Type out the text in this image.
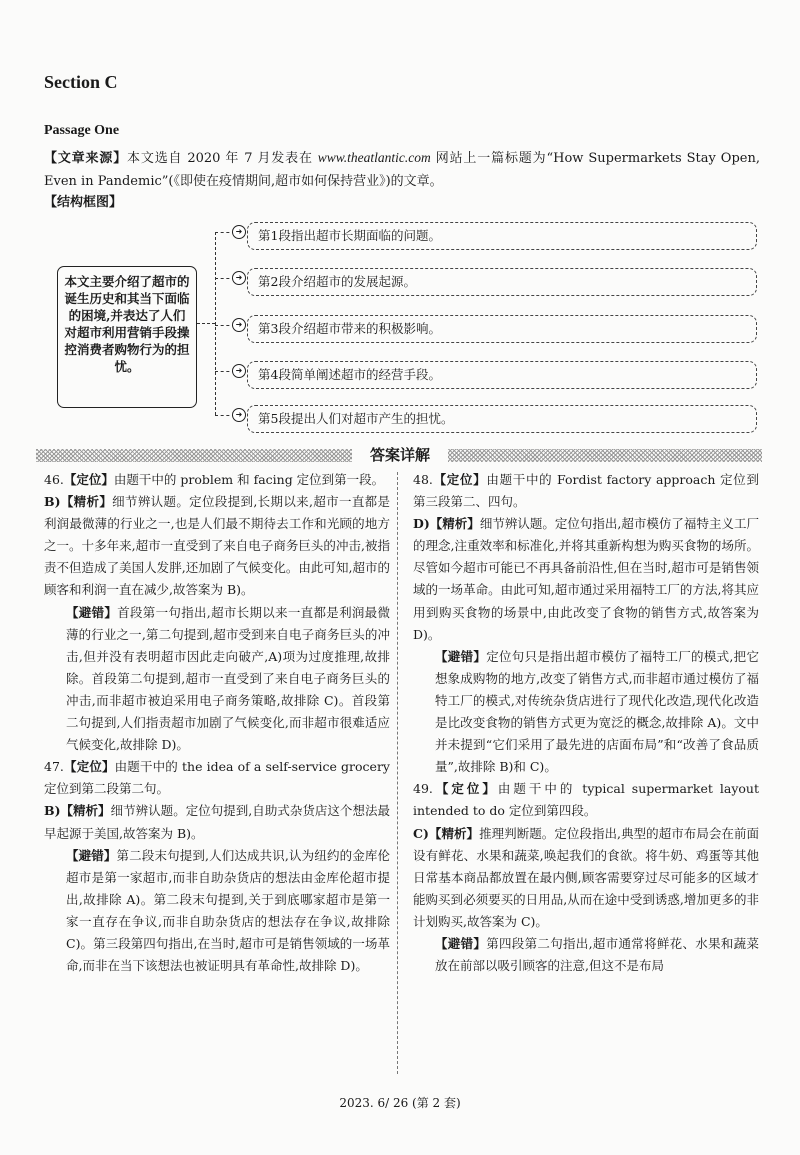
Section C
Passage One
【文章来源】本文选自 2020 年 7 月发表在 www.theatlantic.com 网站上一篇标题为“How Supermarkets Stay Open, Even in Pandemic”(《即使在疫情期间,超市如何保持营业》)的文章。
【结构框图】
本文主要介绍了超市的诞生历史和其当下面临的困境,并表达了人们对超市利用营销手段操控消费者购物行为的担忧。
➜	第1段指出超市长期面临的问题。
➜	第2段介绍超市的发展起源。
➜	第3段介绍超市带来的积极影响。
➜	第4段简单阐述超市的经营手段。
➜	第5段提出人们对超市产生的担忧。
答案详解

46.【定位】由题干中的 problem 和 facing 定位到第一段。

B)【精析】细节辨认题。定位段提到,长期以来,超市一直都是利润最微薄的行业之一,也是人们最不期待去工作和光顾的地方之一。十多年来,超市一直受到了来自电子商务巨头的冲击,被指责不但造成了美国人发胖,还加剧了气候变化。由此可知,超市的顾客和利润一直在减少,故答案为 B)。

【避错】首段第一句指出,超市长期以来一直都是利润最微薄的行业之一,第二句提到,超市受到来自电子商务巨头的冲击,但并没有表明超市因此走向破产,A)项为过度推理,故排除。首段第二句提到,超市一直受到了来自电子商务巨头的冲击,而非超市被迫采用电子商务策略,故排除 C)。首段第二句提到,人们指责超市加剧了气候变化,而非超市很难适应气候变化,故排除 D)。

47.【定位】由题干中的 the idea of a self-service grocery 定位到第二段第二句。

B)【精析】细节辨认题。定位句提到,自助式杂货店这个想法最早起源于美国,故答案为 B)。

【避错】第二段末句提到,人们达成共识,认为纽约的金库伦超市是第一家超市,而非自助杂货店的想法由金库伦超市提出,故排除 A)。第二段末句提到,关于到底哪家超市是第一家一直存在争议,而非自助杂货店的想法存在争议,故排除 C)。第三段第四句指出,在当时,超市可是销售领域的一场革命,而非在当下该想法也被证明具有革命性,故排除 D)。

48.【定位】由题干中的 Fordist factory approach 定位到第三段第二、四句。

D)【精析】细节辨认题。定位句指出,超市模仿了福特主义工厂的理念,注重效率和标准化,并将其重新构想为购买食物的场所。尽管如今超市可能已不再具备前沿性,但在当时,超市可是销售领域的一场革命。由此可知,超市通过采用福特工厂的方法,将其应用到购买食物的场景中,由此改变了食物的销售方式,故答案为 D)。

【避错】定位句只是指出超市模仿了福特工厂的模式,把它想象成购物的地方,改变了销售方式,而非超市通过模仿了福特工厂的模式,对传统杂货店进行了现代化改造,现代化改造是比改变食物的销售方式更为宽泛的概念,故排除 A)。文中并未提到“它们采用了最先进的店面布局”和“改善了食品质量”,故排除 B)和 C)。

49.【定位】由题干中的 typical supermarket layout intended to do 定位到第四段。

C)【精析】推理判断题。定位段指出,典型的超市布局会在前面设有鲜花、水果和蔬菜,唤起我们的食欲。将牛奶、鸡蛋等其他日常基本商品都放置在最内侧,顾客需要穿过尽可能多的区域才能购买到必须要买的日用品,从而在途中受到诱惑,增加更多的非计划购买,故答案为 C)。

【避错】第四段第二句指出,超市通常将鲜花、水果和蔬菜放在前部以吸引顾客的注意,但这不是布局

2023. 6/ 26 (第 2 套)
